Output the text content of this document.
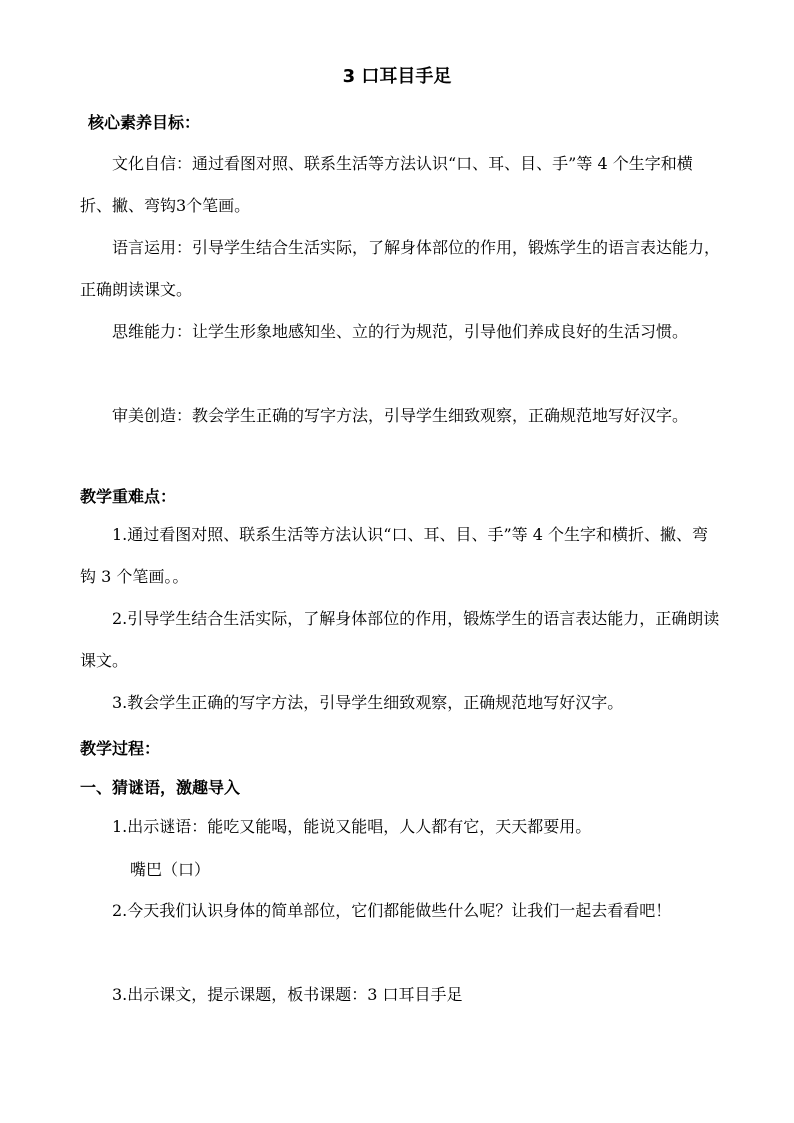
3 口耳目手足
核心素养目标：

文化自信：通过看图对照、联系生活等方法认识“口、耳、目、手”等 4 个生字和横折、撇、弯钩3个笔画。

语言运用：引导学生结合生活实际，了解身体部位的作用，锻炼学生的语言表达能力，正确朗读课文。

思维能力：让学生形象地感知坐、立的行为规范，引导他们养成良好的生活习惯。

审美创造：教会学生正确的写字方法，引导学生细致观察，正确规范地写好汉字。

教学重难点：

1.通过看图对照、联系生活等方法认识“口、耳、目、手”等 4 个生字和横折、撇、弯钩 3 个笔画。。

2.引导学生结合生活实际，了解身体部位的作用，锻炼学生的语言表达能力，正确朗读课文。

3.教会学生正确的写字方法，引导学生细致观察，正确规范地写好汉字。

教学过程：
一、猜谜语，激趣导入

1.出示谜语：能吃又能喝，能说又能唱，人人都有它，天天都要用。

嘴巴（口）

2.今天我们认识身体的简单部位，它们都能做些什么呢？让我们一起去看看吧！

3.出示课文，提示课题，板书课题：3 口耳目手足
